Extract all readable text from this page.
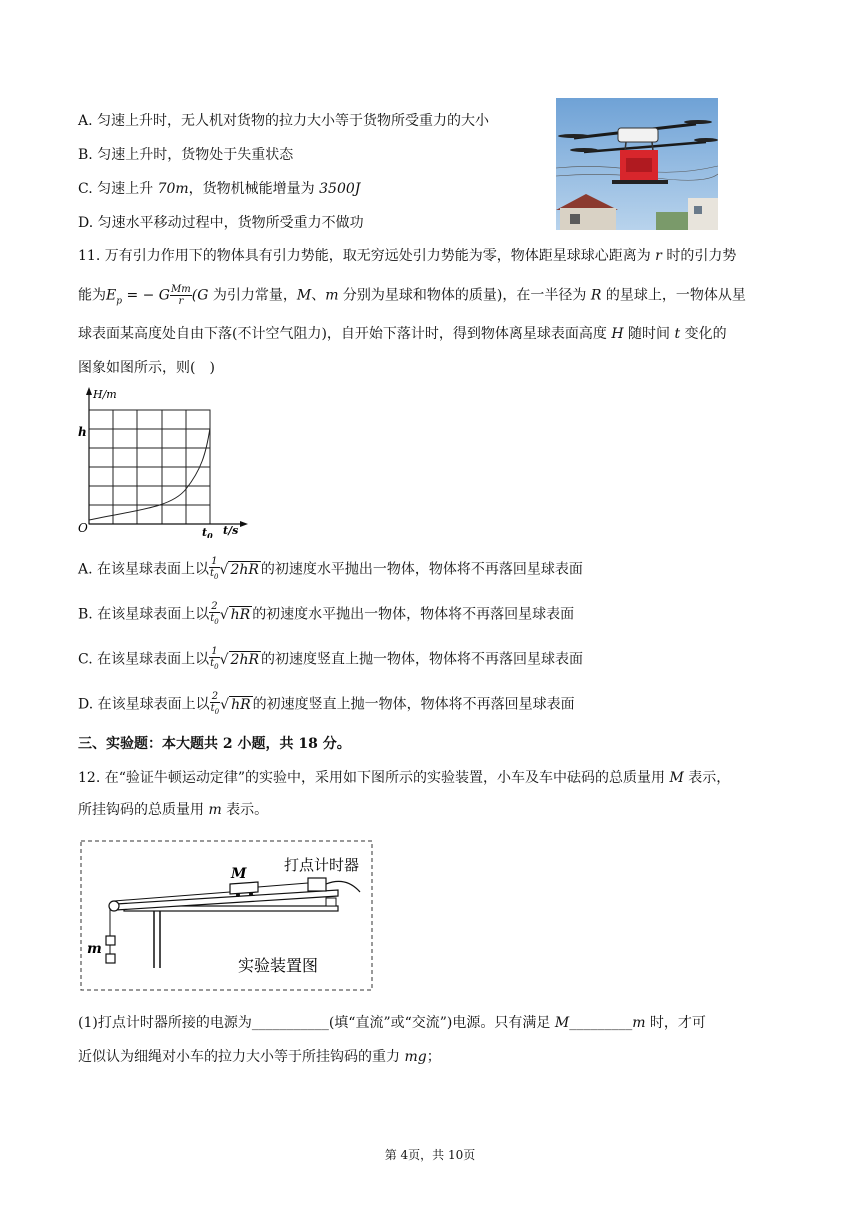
A. 匀速上升时，无人机对货物的拉力大小等于货物所受重力的大小
B. 匀速上升时，货物处于失重状态
C. 匀速上升 70m，货物机械能增量为 3500J
D. 匀速水平移动过程中，货物所受重力不做功
11. 万有引力作用下的物体具有引力势能，取无穷远处引力势能为零，物体距星球球心距离为 r 时的引力势
能为$E_p$ = − G $\frac{Mm}{r} (G$ 为引力常量，M、m 分别为星球和物体的质量)，在一半径为 R 的星球上，一物体从星
球表面某高度处自由下落(不计空气阻力)，自开始下落计时，得到物体离星球表面高度 H 随时间 t 变化的
图象如图所示，则(　)
H/m
h
O	$t_0$ t/s
A. 在该星球表面上以 $\frac{1}{t_0}$ √ 2hR 的初速度水平抛出一物体，物体将不再落回星球表面
B. 在该星球表面上以 $\frac{2}{t_0}$ √ hR 的初速度水平抛出一物体，物体将不再落回星球表面
C. 在该星球表面上以 $\frac{1}{t_0}$ √ 2hR 的初速度竖直上抛一物体，物体将不再落回星球表面
D. 在该星球表面上以 $\frac{2}{t_0}$ √ hR 的初速度竖直上抛一物体，物体将不再落回星球表面
三、实验题：本大题共 2 小题，共 18 分。
12. 在“验证牛顿运动定律”的实验中，采用如下图所示的实验装置，小车及车中砝码的总质量用 M 表示，
所挂钩码的总质量用 m 表示。
打点计时器
M
m
实验装置图
(1)打点计时器所接的电源为___________(填“直流”或“交流”)电源。只有满足 M_________m 时，才可
近似认为细绳对小车的拉力大小等于所挂钩码的重力 mg；
第 4页，共 10页
